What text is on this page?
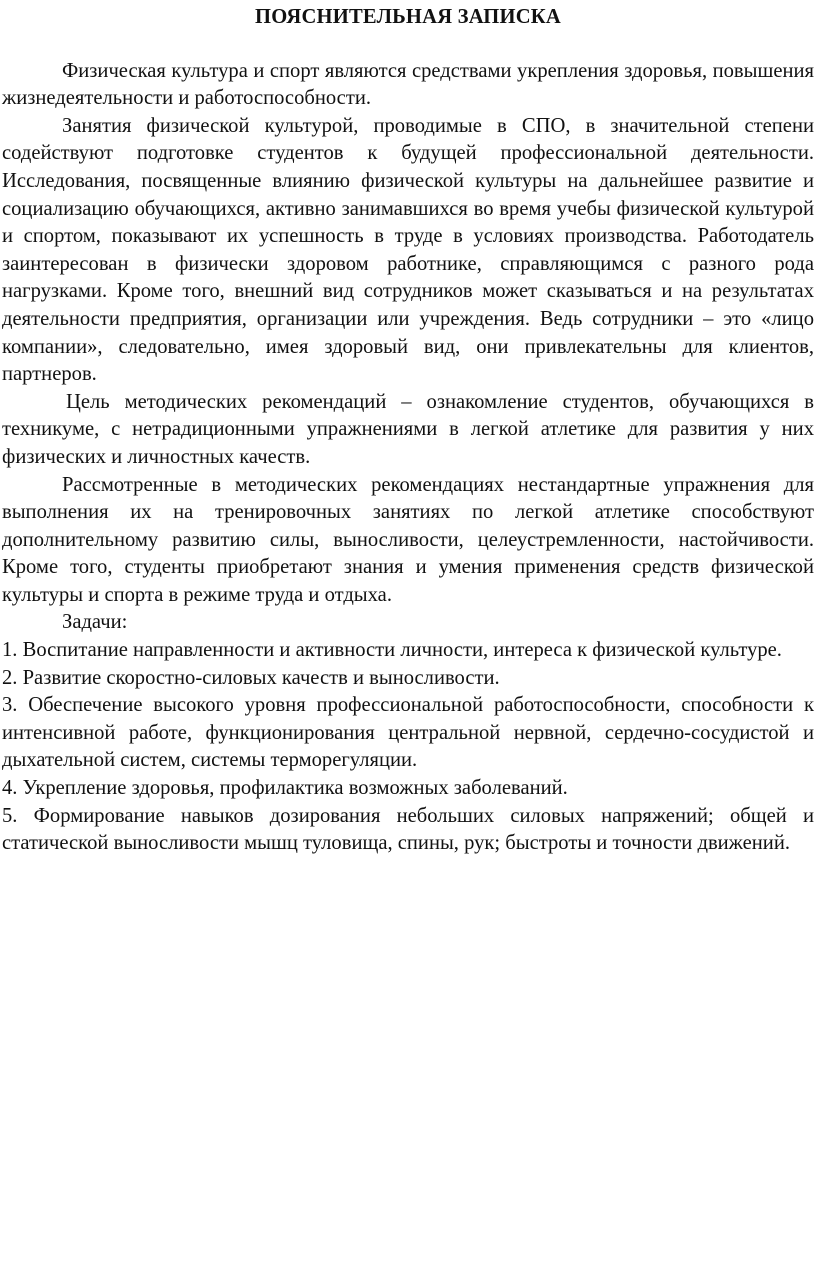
ПОЯСНИТЕЛЬНАЯ ЗАПИСКА

Физическая культура и спорт являются средствами укрепления здоровья, повышения жизнедеятельности и работоспособности.

Занятия физической культурой, проводимые в СПО, в значительной степени содействуют подготовке студентов к будущей профессиональной деятельности. Исследования, посвященные влиянию физической культуры на дальнейшее развитие и социализацию обучающихся, активно занимавшихся во время учебы физической культурой и спортом, показывают их успешность в труде в условиях производства. Работодатель заинтересован в физически здоровом работнике, справляющимся с разного рода нагрузками. Кроме того, внешний вид сотрудников может сказываться и на результатах деятельности предприятия, организации или учреждения. Ведь сотрудники – это «лицо компании», следовательно, имея здоровый вид, они привлекательны для клиентов, партнеров.

Цель методических рекомендаций – ознакомление студентов, обучающихся в техникуме, с нетрадиционными упражнениями в легкой атлетике для развития у них физических и личностных качеств.

Рассмотренные в методических рекомендациях нестандартные упражнения для выполнения их на тренировочных занятиях по легкой атлетике способствуют дополнительному развитию силы, выносливости, целеустремленности, настойчивости. Кроме того, студенты приобретают знания и умения применения средств физической культуры и спорта в режиме труда и отдыха.

Задачи:

1. Воспитание направленности и активности личности, интереса к физической культуре.

2. Развитие скоростно-силовых качеств и выносливости.

3. Обеспечение высокого уровня профессиональной работоспособности, способности к интенсивной работе, функционирования центральной нервной, сердечно-сосудистой и дыхательной систем, системы терморегуляции.

4. Укрепление здоровья, профилактика возможных заболеваний.

5. Формирование навыков дозирования небольших силовых напряжений; общей и статической выносливости мышц туловища, спины, рук; быстроты и точности движений.
